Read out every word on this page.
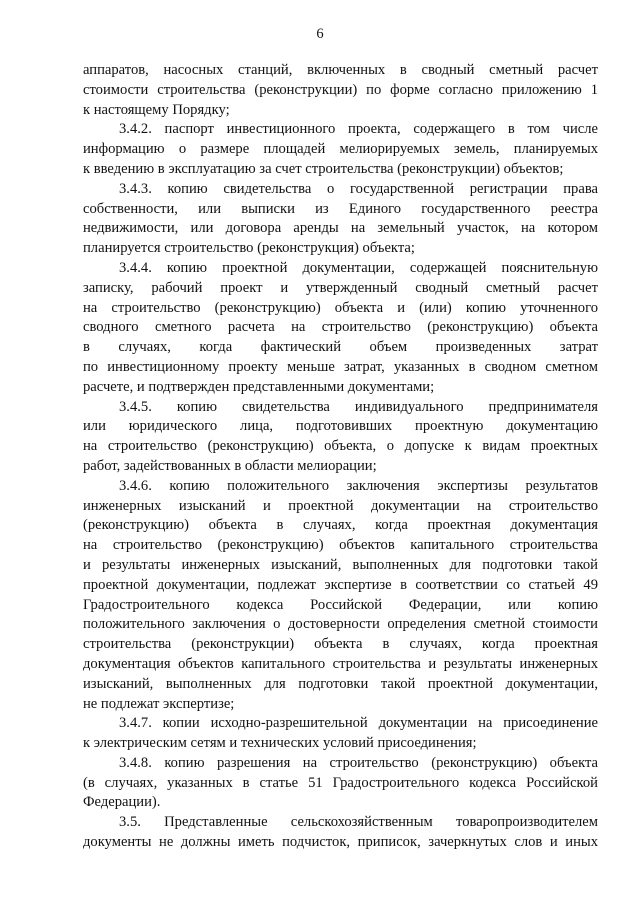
6
аппаратов, насосных станций, включенных в сводный сметный расчет
стоимости строительства (реконструкции) по форме согласно приложению 1
к настоящему Порядку;
3.4.2. паспорт инвестиционного проекта, содержащего в том числе
информацию о размере площадей мелиорируемых земель, планируемых
к введению в эксплуатацию за счет строительства (реконструкции) объектов;
3.4.3. копию свидетельства о государственной регистрации права
собственности, или выписки из Единого государственного реестра
недвижимости, или договора аренды на земельный участок, на котором
планируется строительство (реконструкция) объекта;
3.4.4. копию проектной документации, содержащей пояснительную
записку, рабочий проект и утвержденный сводный сметный расчет
на строительство (реконструкцию) объекта и (или) копию уточненного
сводного сметного расчета на строительство (реконструкцию) объекта
в случаях, когда фактический объем произведенных затрат
по инвестиционному проекту меньше затрат, указанных в сводном сметном
расчете, и подтвержден представленными документами;
3.4.5. копию свидетельства индивидуального предпринимателя
или юридического лица, подготовивших проектную документацию
на строительство (реконструкцию) объекта, о допуске к видам проектных
работ, задействованных в области мелиорации;
3.4.6. копию положительного заключения экспертизы результатов
инженерных изысканий и проектной документации на строительство
(реконструкцию) объекта в случаях, когда проектная документация
на строительство (реконструкцию) объектов капитального строительства
и результаты инженерных изысканий, выполненных для подготовки такой
проектной документации, подлежат экспертизе в соответствии со статьей 49
Градостроительного кодекса Российской Федерации, или копию
положительного заключения о достоверности определения сметной стоимости
строительства (реконструкции) объекта в случаях, когда проектная
документация объектов капитального строительства и результаты инженерных
изысканий, выполненных для подготовки такой проектной документации,
не подлежат экспертизе;
3.4.7. копии исходно-разрешительной документации на присоединение
к электрическим сетям и технических условий присоединения;
3.4.8. копию разрешения на строительство (реконструкцию) объекта
(в случаях, указанных в статье 51 Градостроительного кодекса Российской
Федерации).
3.5. Представленные сельскохозяйственным товаропроизводителем
документы не должны иметь подчисток, приписок, зачеркнутых слов и иных
